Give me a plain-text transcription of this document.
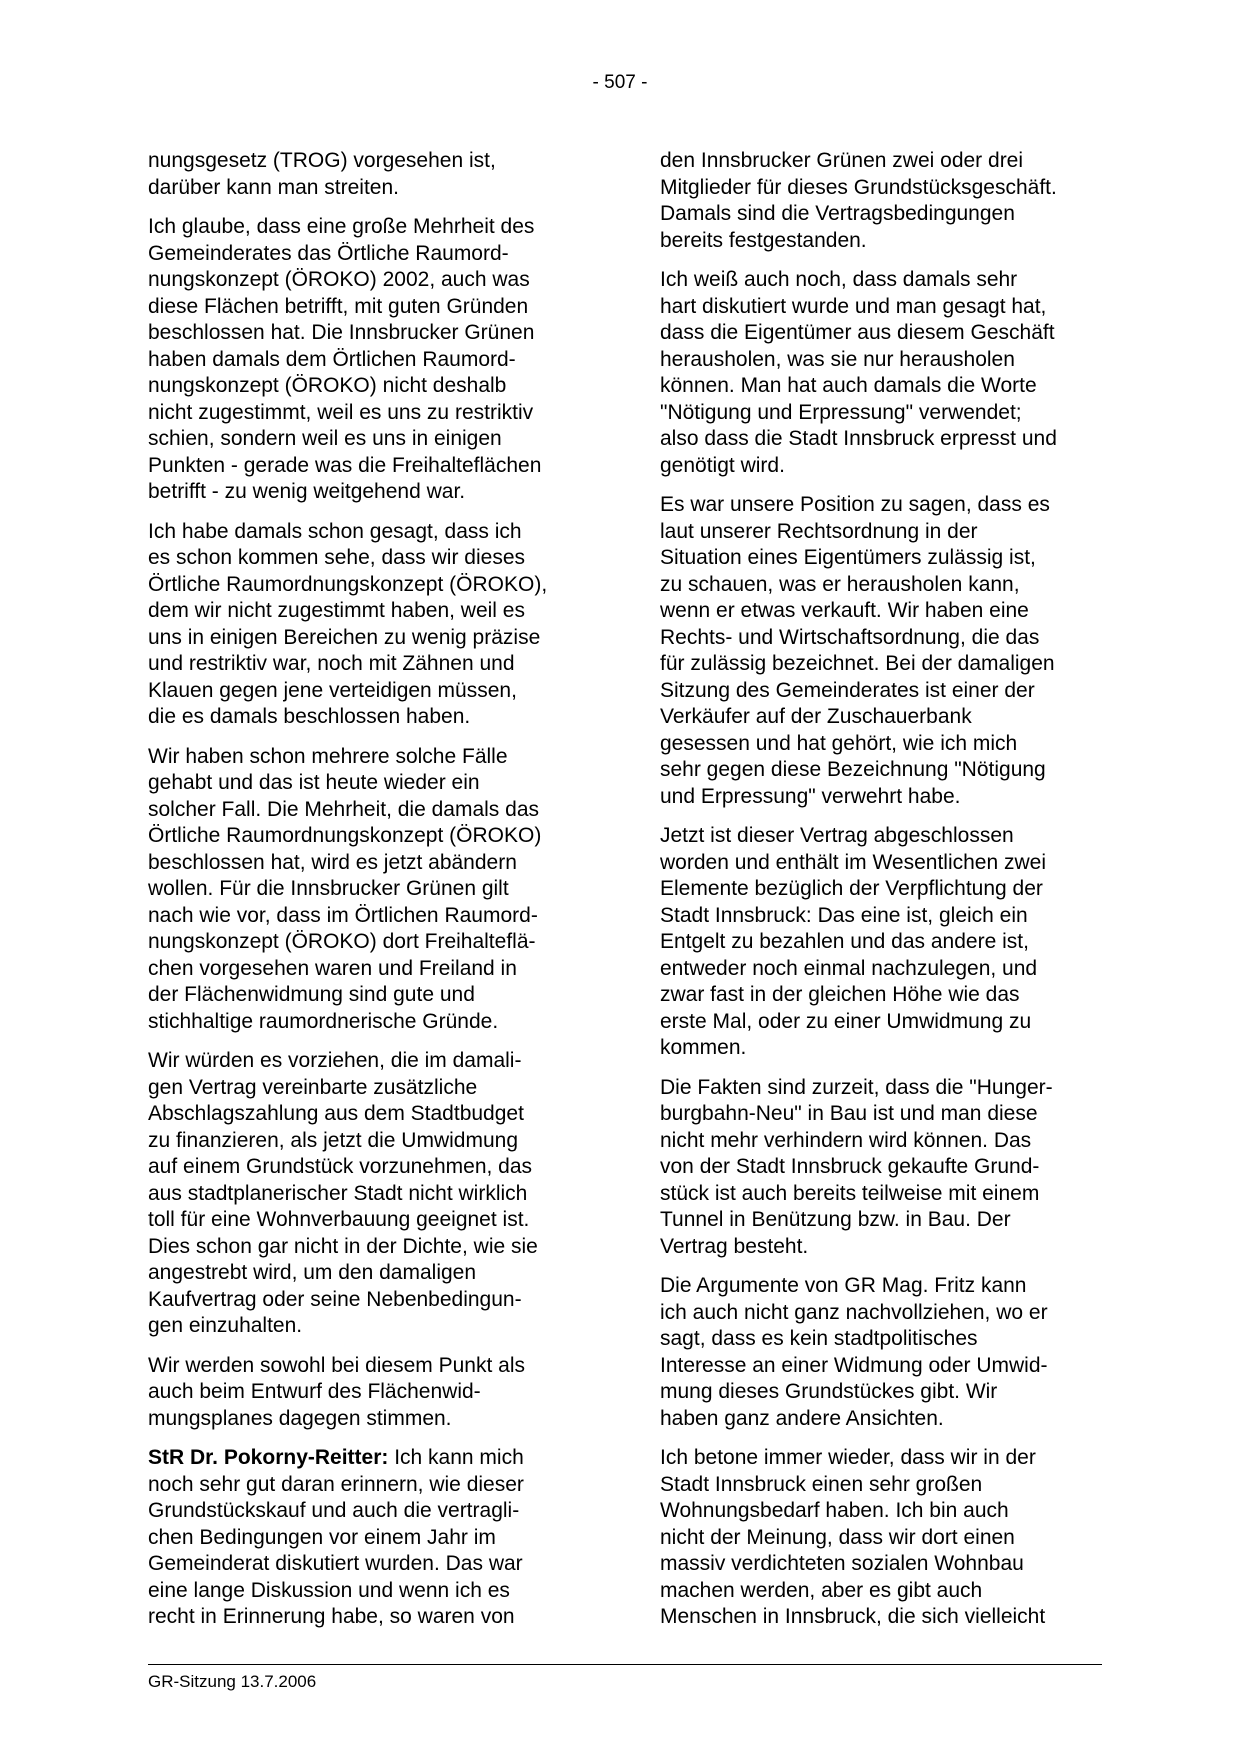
- 507 -

nungsgesetz (TROG) vorgesehen ist,
darüber kann man streiten.

Ich glaube, dass eine große Mehrheit des
Gemeinderates das Örtliche Raumord-
nungskonzept (ÖROKO) 2002, auch was
diese Flächen betrifft, mit guten Gründen
beschlossen hat. Die Innsbrucker Grünen
haben damals dem Örtlichen Raumord-
nungskonzept (ÖROKO) nicht deshalb
nicht zugestimmt, weil es uns zu restriktiv
schien, sondern weil es uns in einigen
Punkten - gerade was die Freihalteflächen
betrifft - zu wenig weitgehend war.

Ich habe damals schon gesagt, dass ich
es schon kommen sehe, dass wir dieses
Örtliche Raumordnungskonzept (ÖROKO),
dem wir nicht zugestimmt haben, weil es
uns in einigen Bereichen zu wenig präzise
und restriktiv war, noch mit Zähnen und
Klauen gegen jene verteidigen müssen,
die es damals beschlossen haben.

Wir haben schon mehrere solche Fälle
gehabt und das ist heute wieder ein
solcher Fall. Die Mehrheit, die damals das
Örtliche Raumordnungskonzept (ÖROKO)
beschlossen hat, wird es jetzt abändern
wollen. Für die Innsbrucker Grünen gilt
nach wie vor, dass im Örtlichen Raumord-
nungskonzept (ÖROKO) dort Freihalteflä-
chen vorgesehen waren und Freiland in
der Flächenwidmung sind gute und
stichhaltige raumordnerische Gründe.

Wir würden es vorziehen, die im damali-
gen Vertrag vereinbarte zusätzliche
Abschlagszahlung aus dem Stadtbudget
zu finanzieren, als jetzt die Umwidmung
auf einem Grundstück vorzunehmen, das
aus stadtplanerischer Stadt nicht wirklich
toll für eine Wohnverbauung geeignet ist.
Dies schon gar nicht in der Dichte, wie sie
angestrebt wird, um den damaligen
Kaufvertrag oder seine Nebenbedingun-
gen einzuhalten.

Wir werden sowohl bei diesem Punkt als
auch beim Entwurf des Flächenwid-
mungsplanes dagegen stimmen.

StR Dr. Pokorny-Reitter: Ich kann mich
noch sehr gut daran erinnern, wie dieser
Grundstückskauf und auch die vertragli-
chen Bedingungen vor einem Jahr im
Gemeinderat diskutiert wurden. Das war
eine lange Diskussion und wenn ich es
recht in Erinnerung habe, so waren von

den Innsbrucker Grünen zwei oder drei
Mitglieder für dieses Grundstücksgeschäft.
Damals sind die Vertragsbedingungen
bereits festgestanden.

Ich weiß auch noch, dass damals sehr
hart diskutiert wurde und man gesagt hat,
dass die Eigentümer aus diesem Geschäft
herausholen, was sie nur herausholen
können. Man hat auch damals die Worte
"Nötigung und Erpressung" verwendet;
also dass die Stadt Innsbruck erpresst und
genötigt wird.

Es war unsere Position zu sagen, dass es
laut unserer Rechtsordnung in der
Situation eines Eigentümers zulässig ist,
zu schauen, was er herausholen kann,
wenn er etwas verkauft. Wir haben eine
Rechts- und Wirtschaftsordnung, die das
für zulässig bezeichnet. Bei der damaligen
Sitzung des Gemeinderates ist einer der
Verkäufer auf der Zuschauerbank
gesessen und hat gehört, wie ich mich
sehr gegen diese Bezeichnung "Nötigung
und Erpressung" verwehrt habe.

Jetzt ist dieser Vertrag abgeschlossen
worden und enthält im Wesentlichen zwei
Elemente bezüglich der Verpflichtung der
Stadt Innsbruck: Das eine ist, gleich ein
Entgelt zu bezahlen und das andere ist,
entweder noch einmal nachzulegen, und
zwar fast in der gleichen Höhe wie das
erste Mal, oder zu einer Umwidmung zu
kommen.

Die Fakten sind zurzeit, dass die "Hunger-
burgbahn-Neu" in Bau ist und man diese
nicht mehr verhindern wird können. Das
von der Stadt Innsbruck gekaufte Grund-
stück ist auch bereits teilweise mit einem
Tunnel in Benützung bzw. in Bau. Der
Vertrag besteht.

Die Argumente von GR Mag. Fritz kann
ich auch nicht ganz nachvollziehen, wo er
sagt, dass es kein stadtpolitisches
Interesse an einer Widmung oder Umwid-
mung dieses Grundstückes gibt. Wir
haben ganz andere Ansichten.

Ich betone immer wieder, dass wir in der
Stadt Innsbruck einen sehr großen
Wohnungsbedarf haben. Ich bin auch
nicht der Meinung, dass wir dort einen
massiv verdichteten sozialen Wohnbau
machen werden, aber es gibt auch
Menschen in Innsbruck, die sich vielleicht

GR-Sitzung 13.7.2006
